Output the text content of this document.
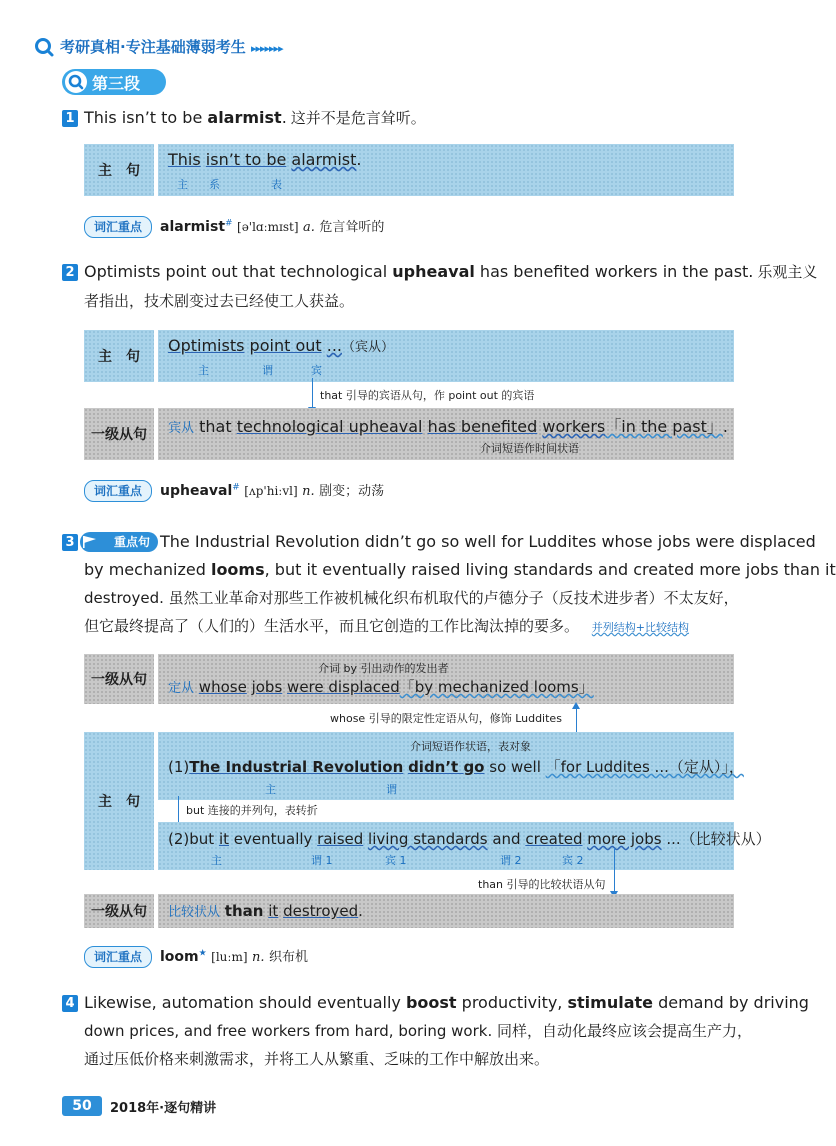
考研真相·专注基础薄弱考生 ▸▸▸▸▸▸▸
第三段
1 This isn’t to be alarmist. 这并不是危言耸听。
主　句
This isn’t to be alarmist.
主 系	表
词汇重点	alarmist# [ə'lɑːmɪst] a. 危言耸听的
2 Optimists point out that technological upheaval has benefited workers in the past. 乐观主义
者指出，技术剧变过去已经使工人获益。
主　句
Optimists point out ...（宾从）
主	谓	宾
that 引导的宾语从句，作 point out 的宾语
一级从句	宾从 that technological upheaval has benefited workers「in the past」.
介词短语作时间状语
词汇重点	upheaval# [ʌp'hiːvl] n. 剧变；动荡
3	重点句 The Industrial Revolution didn’t go so well for Luddites whose jobs were displaced
by mechanized looms, but it eventually raised living standards and created more jobs than it
destroyed. 虽然工业革命对那些工作被机械化织布机取代的卢德分子（反技术进步者）不太友好，
但它最终提高了（人们的）生活水平，而且它创造的工作比淘汰掉的要多。 并列结构+比较结构
一级从句
介词 by 引出动作的发出者
定从 whose jobs were displaced「by mechanized looms」
whose 引导的限定性定语从句，修饰 Luddites
主　句
介词短语作状语，表对象
(1)The Industrial Revolution didn’t go so well 「for Luddites ...（定从）」，
主	谓
but 连接的并列句，表转折
(2)but it eventually raised living standards and created more jobs ...（比较状从）
主	谓 1	宾 1	谓 2	宾 2
than 引导的比较状语从句
一级从句	比较状从 than it destroyed.
词汇重点	loom★ [luːm] n. 织布机
4 Likewise, automation should eventually boost productivity, stimulate demand by driving
down prices, and free workers from hard, boring work. 同样，自动化最终应该会提高生产力，
通过压低价格来刺激需求，并将工人从繁重、乏味的工作中解放出来。
50	2018年·逐句精讲
